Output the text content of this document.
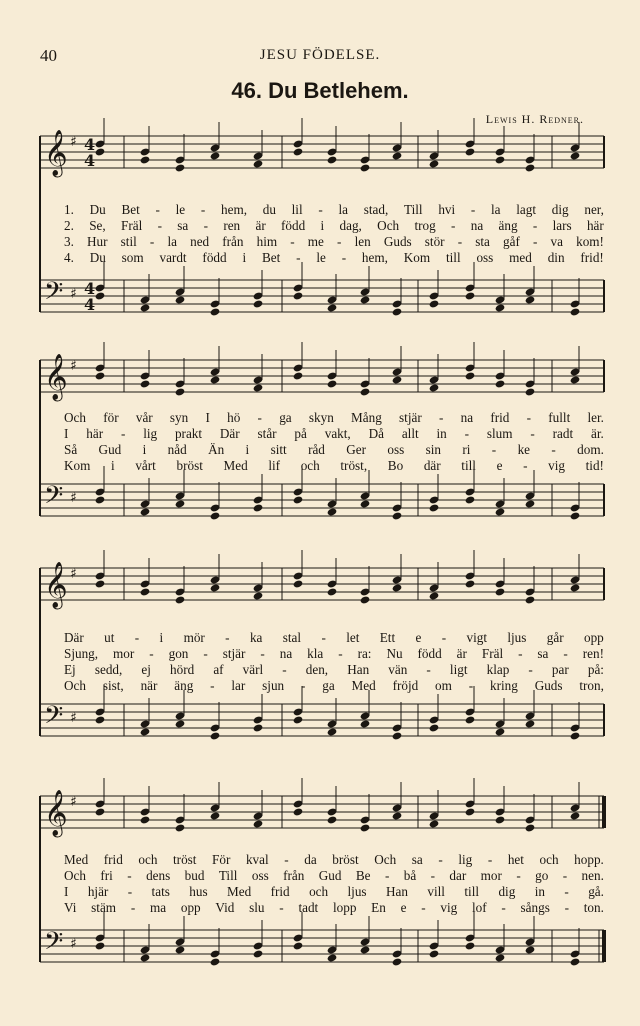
40	JESU FÖDELSE.
46. Du Betlehem.
Lewis H. Redner.
𝄞
𝄢
♯
♯
4
4
4
4
𝄞
𝄢
♯
♯
𝄞
𝄢
♯
♯
𝄞
𝄢
♯
♯
1. Du Bet - le - hem, du lil - la stad, Till hvi - la lagt dig ner,
2. Se, Fräl - sa - ren är född i dag, Och trog - na äng - lars här
3. Hur stil - la ned från him - me - len Guds stör - sta gåf - va kom!
4. Du som vardt född i Bet - le - hem, Kom till oss med din frid!
Och för vår syn I hö - ga skyn Mång stjär - na frid - fullt ler.
I här - lig prakt Där står på vakt, Då allt in - slum - radt är.
Så Gud i nåd Än i sitt råd Ger oss sin ri - ke - dom.
Kom i vårt bröst Med lif och tröst, Bo där till e - vig tid!
Där ut - i mör - ka stal - let Ett e - vigt ljus går opp
Sjung, mor - gon - stjär - na kla - ra: Nu född är Fräl - sa - ren!
Ej sedd, ej hörd af värl - den, Han vän - ligt klap - par på:
Och sist, när äng - lar sjun - ga Med fröjd om - kring Guds tron,
Med frid och tröst För kval - da bröst Och sa - lig - het och hopp.
Och fri - dens bud Till oss från Gud Be - bå - dar mor - go - nen.
I hjär - tats hus Med frid och ljus Han vill till dig in - gå.
Vi stäm - ma opp Vid slu - tadt lopp En e - vig lof - sångs - ton.
